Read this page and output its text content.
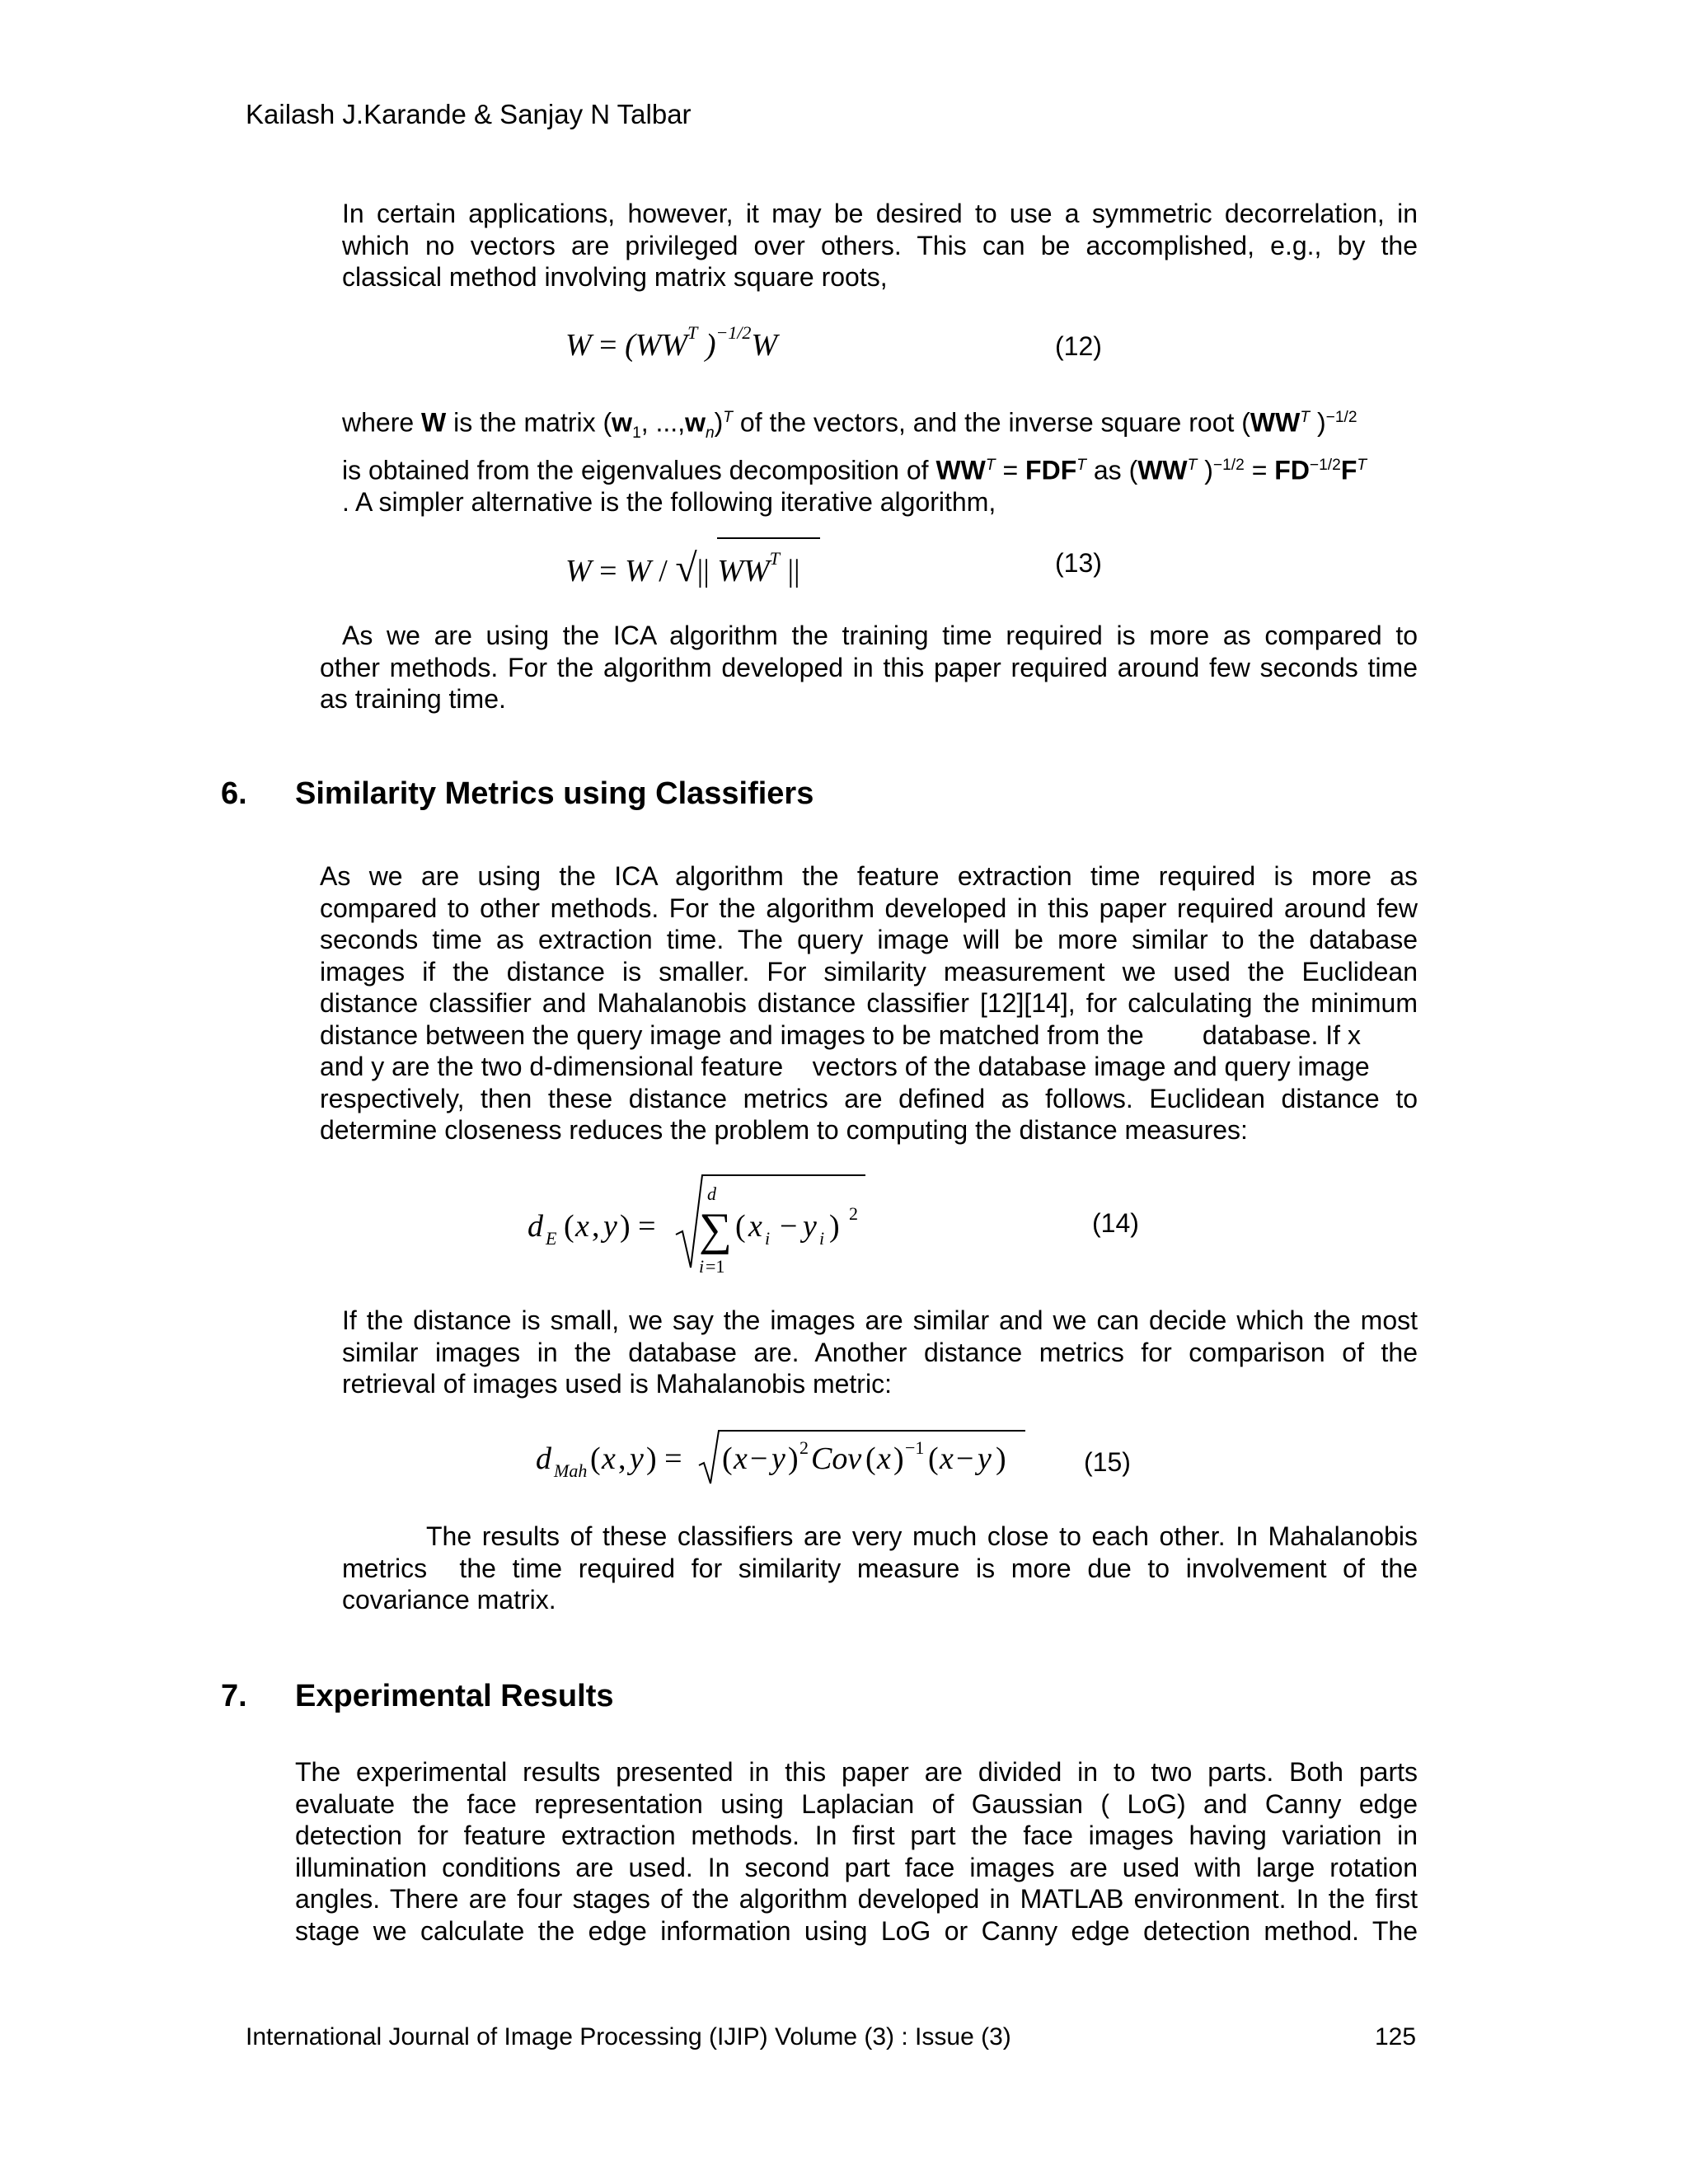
Kailash J.Karande & Sanjay N Talbar
In certain applications, however, it may be desired to use a symmetric decorrelation, in
which no vectors are privileged over others. This can be accomplished, e.g., by the
classical method involving matrix square roots,
$W = (WW^T$ )$^{-1/2}$W	(12)
where W is the matrix ($w_1$, $...,w_n)^T$ of the vectors, and the inverse square root ($WW^T$ )$^{-1/2}$
is obtained from the eigenvalues decomposition of $WW^T = FDF^T$ as ($WW^T$ )$^{-1/2} = FD^{-1/2}F^T$
. A simpler alternative is the following iterative algorithm,
W = W / √|| $WW^T$ ||	(13)
As we are using the ICA algorithm the training time required is more as compared to
other methods. For the algorithm developed in this paper required around few seconds time
as training time.
6. Similarity Metrics using Classifiers
As we are using the ICA algorithm the feature extraction time required is more as
compared to other methods. For the algorithm developed in this paper required around few
seconds time as extraction time. The query image will be more similar to the database
images if the distance is smaller. For similarity measurement we used the Euclidean
distance classifier and Mahalanobis distance classifier [12][14], for calculating the minimum
distance between the query image and images to be matched from the        database. If x
and y are the two d-dimensional feature    vectors of the database image and query image
respectively, then these distance metrics are defined as follows. Euclidean distance to
determine closeness reduces the problem to computing the distance measures:
d E ( x , y ) =
d
∑
i =1
( x i − y i ) 2	(14)
If the distance is small, we say the images are similar and we can decide which the most
similar images in the database are. Another distance metrics for comparison of the
retrieval of images used is Mahalanobis metric:
d Mah ( x , y ) = ( x − y ) 2 Cov ( x ) −1 ( x − y )	(15)
The results of these classifiers are very much close to each other. In Mahalanobis
metrics  the time required for similarity measure is more due to involvement of the
covariance matrix.
7. Experimental Results
The experimental results presented in this paper are divided in to two parts. Both parts
evaluate the face representation using Laplacian of Gaussian ( LoG) and Canny edge
detection for feature extraction methods. In first part the face images having variation in
illumination conditions are used. In second part face images are used with large rotation
angles. There are four stages of the algorithm developed in MATLAB environment. In the first
stage we calculate the edge information using LoG or Canny edge detection method. The
International Journal of Image Processing (IJIP) Volume (3) : Issue (3)	125
